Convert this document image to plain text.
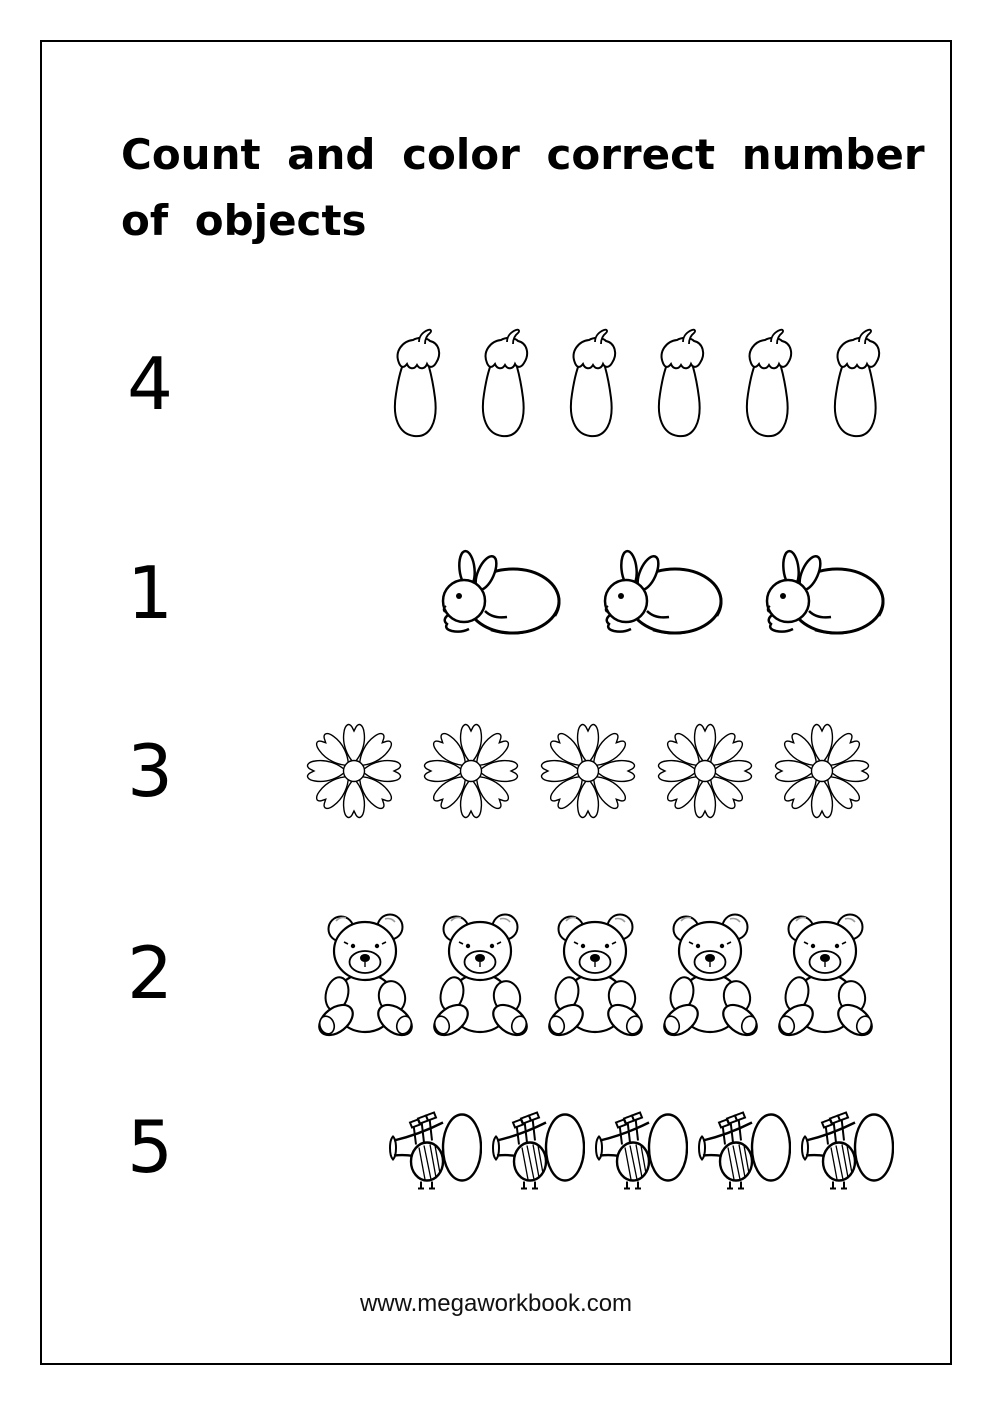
Count and color correct number of objects
4
1
3
2
5
www.megaworkbook.com
